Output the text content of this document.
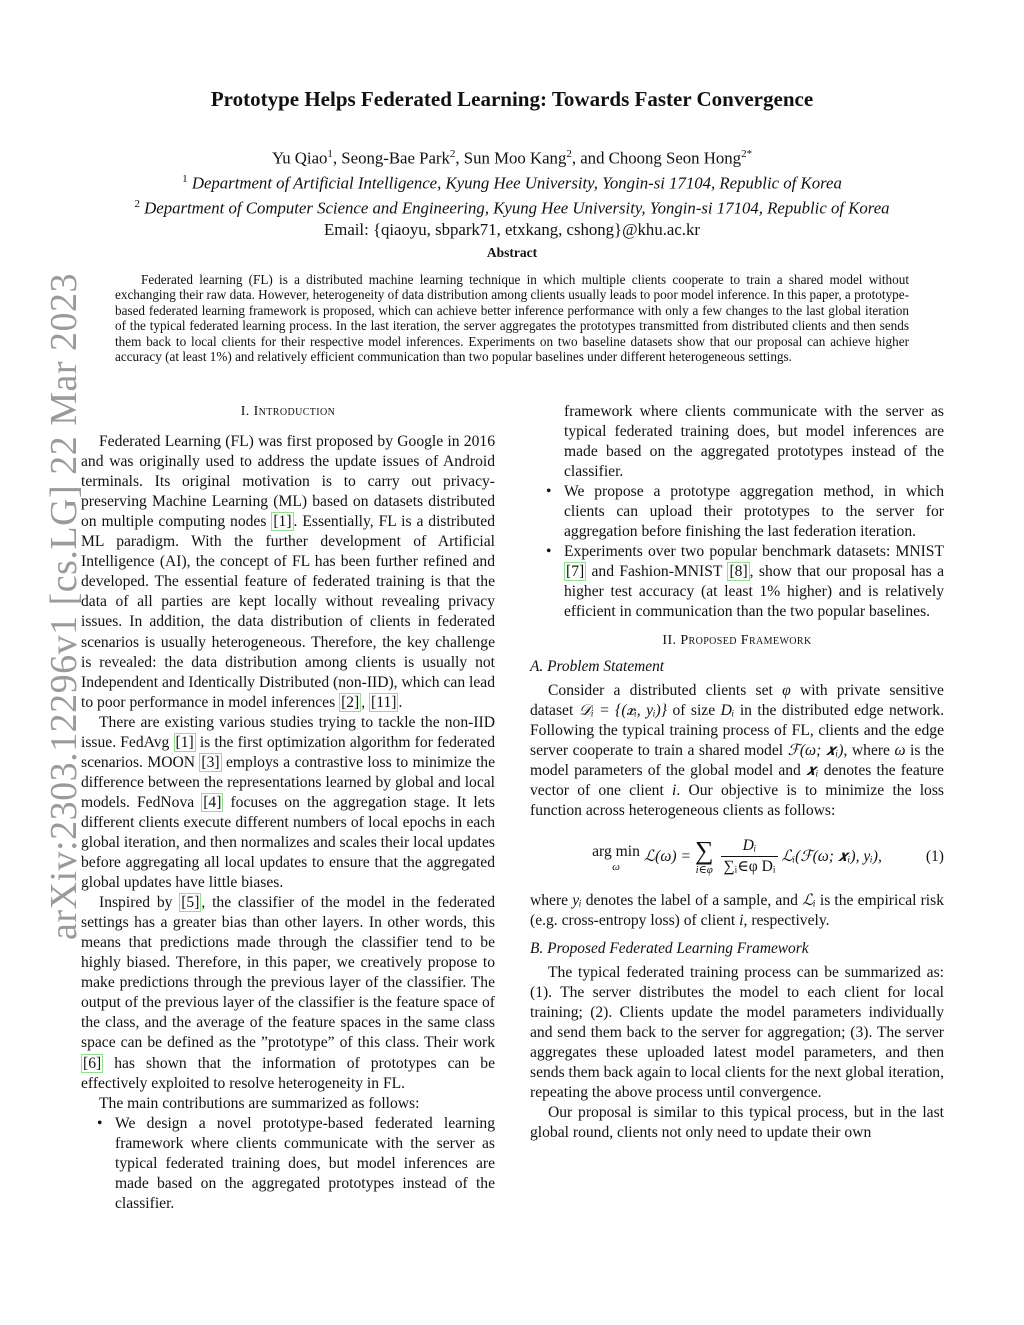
arXiv:2303.12296v1 [cs.LG] 22 Mar 2023
Prototype Helps Federated Learning: Towards Faster Convergence
Yu Qiao$^1$, Seong-Bae Park$^2$, Sun Moo Kang$^2$, and Choong Seon Hong$^{2*}$
$^1$ Department of Artificial Intelligence, Kyung Hee University, Yongin-si 17104, Republic of Korea
$^2$ Department of Computer Science and Engineering, Kyung Hee University, Yongin-si 17104, Republic of Korea
Email: {qiaoyu, sbpark71, etxkang, cshong}@khu.ac.kr
Abstract
Federated learning (FL) is a distributed machine learning technique in which multiple clients cooperate to train a shared model without exchanging their raw data. However, heterogeneity of data distribution among clients usually leads to poor model inference. In this paper, a prototype-based federated learning framework is proposed, which can achieve better inference performance with only a few changes to the last global iteration of the typical federated learning process. In the last iteration, the server aggregates the prototypes transmitted from distributed clients and then sends them back to local clients for their respective model inferences. Experiments on two baseline datasets show that our proposal can achieve higher accuracy (at least 1%) and relatively efficient communication than two popular baselines under different heterogeneous settings.
I. Introduction

Federated Learning (FL) was first proposed by Google in 2016 and was originally used to address the update issues of Android terminals. Its original motivation is to carry out privacy-preserving Machine Learning (ML) based on datasets distributed on multiple computing nodes [1] . Essentially, FL is a distributed ML paradigm. With the further development of Artificial Intelligence (AI), the concept of FL has been further refined and developed. The essential feature of federated training is that the data of all parties are kept locally without revealing privacy issues. In addition, the data distribution of clients in federated scenarios is usually heterogeneous. Therefore, the key challenge is revealed: the data distribution among clients is usually not Independent and Identically Distributed (non-IID), which can lead to poor performance in model inferences [2] , [11] .

There are existing various studies trying to tackle the non-IID issue. FedAvg [1] is the first optimization algorithm for federated scenarios. MOON [3] employs a contrastive loss to minimize the difference between the representations learned by global and local models. FedNova [4] focuses on the aggregation stage. It lets different clients execute different numbers of local epochs in each global iteration, and then normalizes and scales their local updates before aggregating all local updates to ensure that the aggregated global updates have little biases.

Inspired by [5] , the classifier of the model in the federated settings has a greater bias than other layers. In other words, this means that predictions made through the classifier tend to be highly biased. Therefore, in this paper, we creatively propose to make predictions through the previous layer of the classifier. The output of the previous layer of the classifier is the feature space of the class, and the average of the feature spaces in the same class space can be defined as the ”prototype” of this class. Their work [6] has shown that the information of prototypes can be effectively exploited to resolve heterogeneity in FL.

The main contributions are summarized as follows:

• We design a novel prototype-based federated learning framework where clients communicate with the server as typical federated training does, but model inferences are made based on the aggregated prototypes instead of the classifier.
framework where clients communicate with the server as typical federated training does, but model inferences are made based on the aggregated prototypes instead of the classifier.
• We propose a prototype aggregation method, in which clients can upload their prototypes to the server for aggregation before finishing the last federation iteration.
• Experiments over two popular benchmark datasets: MNIST [7] and Fashion-MNIST [8] , show that our proposal has a higher test accuracy (at least 1% higher) and is relatively efficient in communication than the two popular baselines.
II. Proposed Framework
A. Problem Statement

Consider a distributed clients set φ with private sensitive dataset 𝒟ᵢ = {(𝒙ᵢ, yᵢ)} of size Dᵢ in the distributed edge network. Following the typical training process of FL, clients and the edge server cooperate to train a shared model ℱ(ω; 𝒙ᵢ), where ω is the model parameters of the global model and 𝒙ᵢ denotes the feature vector of one client i. Our objective is to minimize the loss function across heterogeneous clients as follows:

arg min
ω
ℒ(ω) = ∑
i∈φ $\frac{\text{Dᵢ}}{\text{∑ᵢ∈φ Dᵢ}}$ ℒᵢ(ℱ(ω; 𝒙ᵢ), yᵢ),	(1)

where yᵢ denotes the label of a sample, and ℒᵢ is the empirical risk (e.g. cross-entropy loss) of client i, respectively.

B. Proposed Federated Learning Framework

The typical federated training process can be summarized as: (1). The server distributes the model to each client for local training; (2). Clients update the model parameters individually and send them back to the server for aggregation; (3). The server aggregates these uploaded latest model parameters, and then sends them back again to local clients for the next global iteration, repeating the above process until convergence.

Our proposal is similar to this typical process, but in the last global round, clients not only need to update their own
